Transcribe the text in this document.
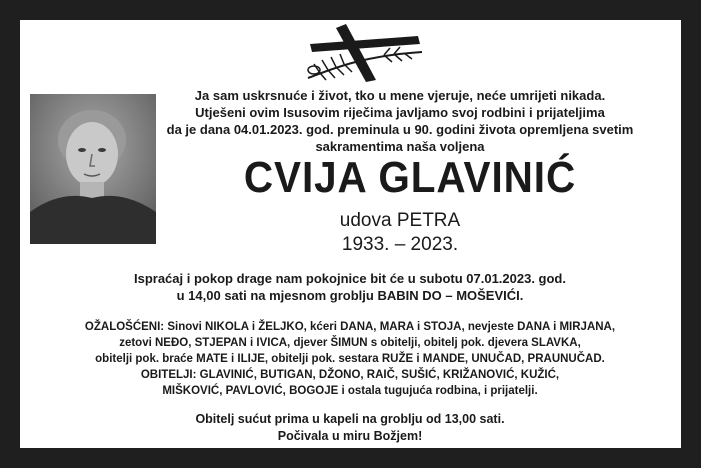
Ja sam uskrsnuće i život, tko u mene vjeruje, neće umrijeti nikada.
Utješeni ovim Isusovim riječima javljamo svoj rodbini i prijateljima
da je dana 04.01.2023. god. preminula u 90. godini života opremljena svetim
sakramentima naša voljena
CVIJA GLAVINIĆ
udova PETRA
1933. – 2023.
Ispraćaj i pokop drage nam pokojnice bit će u subotu 07.01.2023. god.
u 14,00 sati na mjesnom groblju BABIN DO – MOŠEVIĆI.
OŽALOŠĆENI: Sinovi NIKOLA i ŽELJKO, kćeri DANA, MARA i STOJA, nevjeste DANA i MIRJANA,
zetovi NEĐO, STJEPAN i IVICA, djever ŠIMUN s obitelji, obitelj pok. djevera SLAVKA,
obitelji pok. braće MATE i ILIJE, obitelji pok. sestara RUŽE i MANDE, UNUČAD, PRAUNUČAD.
OBITELJI: GLAVINIĆ, BUTIGAN, DŽONO, RAIČ, SUŠIĆ, KRIŽANOVIĆ, KUŽIĆ,
MIŠKOVIĆ, PAVLOVIĆ, BOGOJE i ostala tugujuća rodbina, i prijatelji.
Obitelj sućut prima u kapeli na groblju od 13,00 sati.
Počivala u miru Božjem!
